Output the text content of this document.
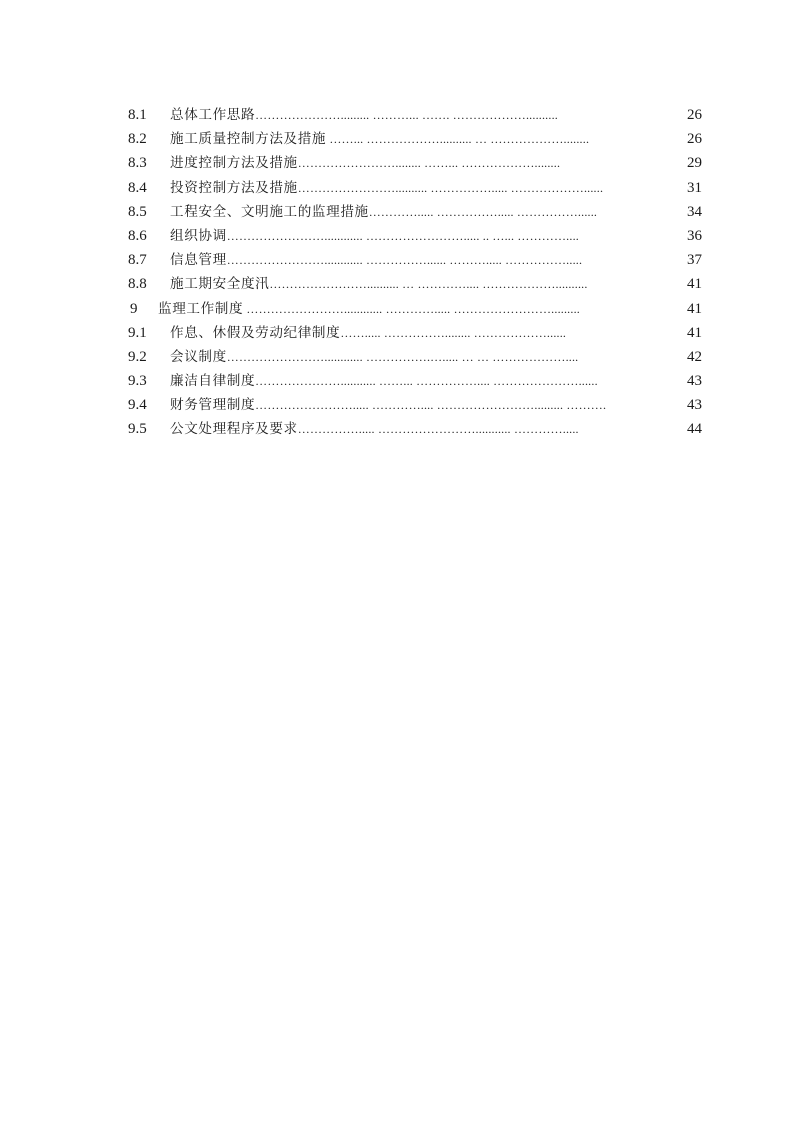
8.1 总体工作思路…………………......... ………... ……. ………………..........	26
8.2 施工质量控制方法及措施 ……... ……………….......... … ………………........	26
8.3 进度控制方法及措施……………………........ ……... ………………........	29
8.4 投资控制方法及措施…………………….......... ……………..... ………………......	31
8.5 工程安全、文明施工的监理措施…………..... ……………..... ……………......	34
8.6 组织协调……………………............ ……………………..... .. …... …………....	36
8.7 信息管理……………………............ ……………...... ………..... …………….....	37
8.8 施工期安全度汛…………………….......... … ………….... ………………..........	41
9 监理工作制度 ……………………............ …………..... …………………….........	41
9.1 作息、休假及劳动纪律制度……..... ……………........ ………………......	41
9.2 会议制度……………………............ …………….…..... … … ………………....	42
9.3 廉洁自律制度…………………........... ……... …………….... …………………......	43
9.4 财务管理制度……………………..... ………….... ……………………......... ……….	43
9.5 公文处理程序及要求……………..... ……………………........... ………….....	44
